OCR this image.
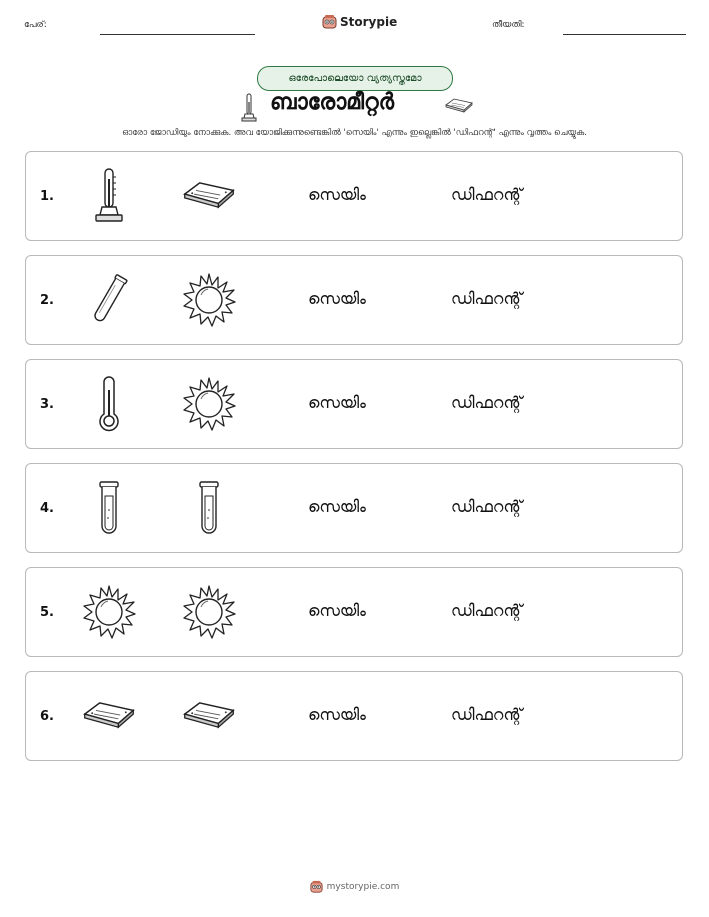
പേര്:	Storypie	തീയതി:
ഒരേപോലെയോ വ്യത്യസ്തമോ
ബാരോമീറ്റർ
ഓരോ ജോഡിയും നോക്കുക. അവ യോജിക്കുന്നുണ്ടെങ്കിൽ 'സെയിം' എന്നും ഇല്ലെങ്കിൽ 'ഡിഫറന്റ്' എന്നും വൃത്തം ചെയ്യുക.
1.	സെയിം	ഡിഫറന്റ്
2.	സെയിം	ഡിഫറന്റ്
3.	സെയിം	ഡിഫറന്റ്
4.	സെയിം	ഡിഫറന്റ്
5.	സെയിം	ഡിഫറന്റ്
6.	സെയിം	ഡിഫറന്റ്
mystorypie.com
